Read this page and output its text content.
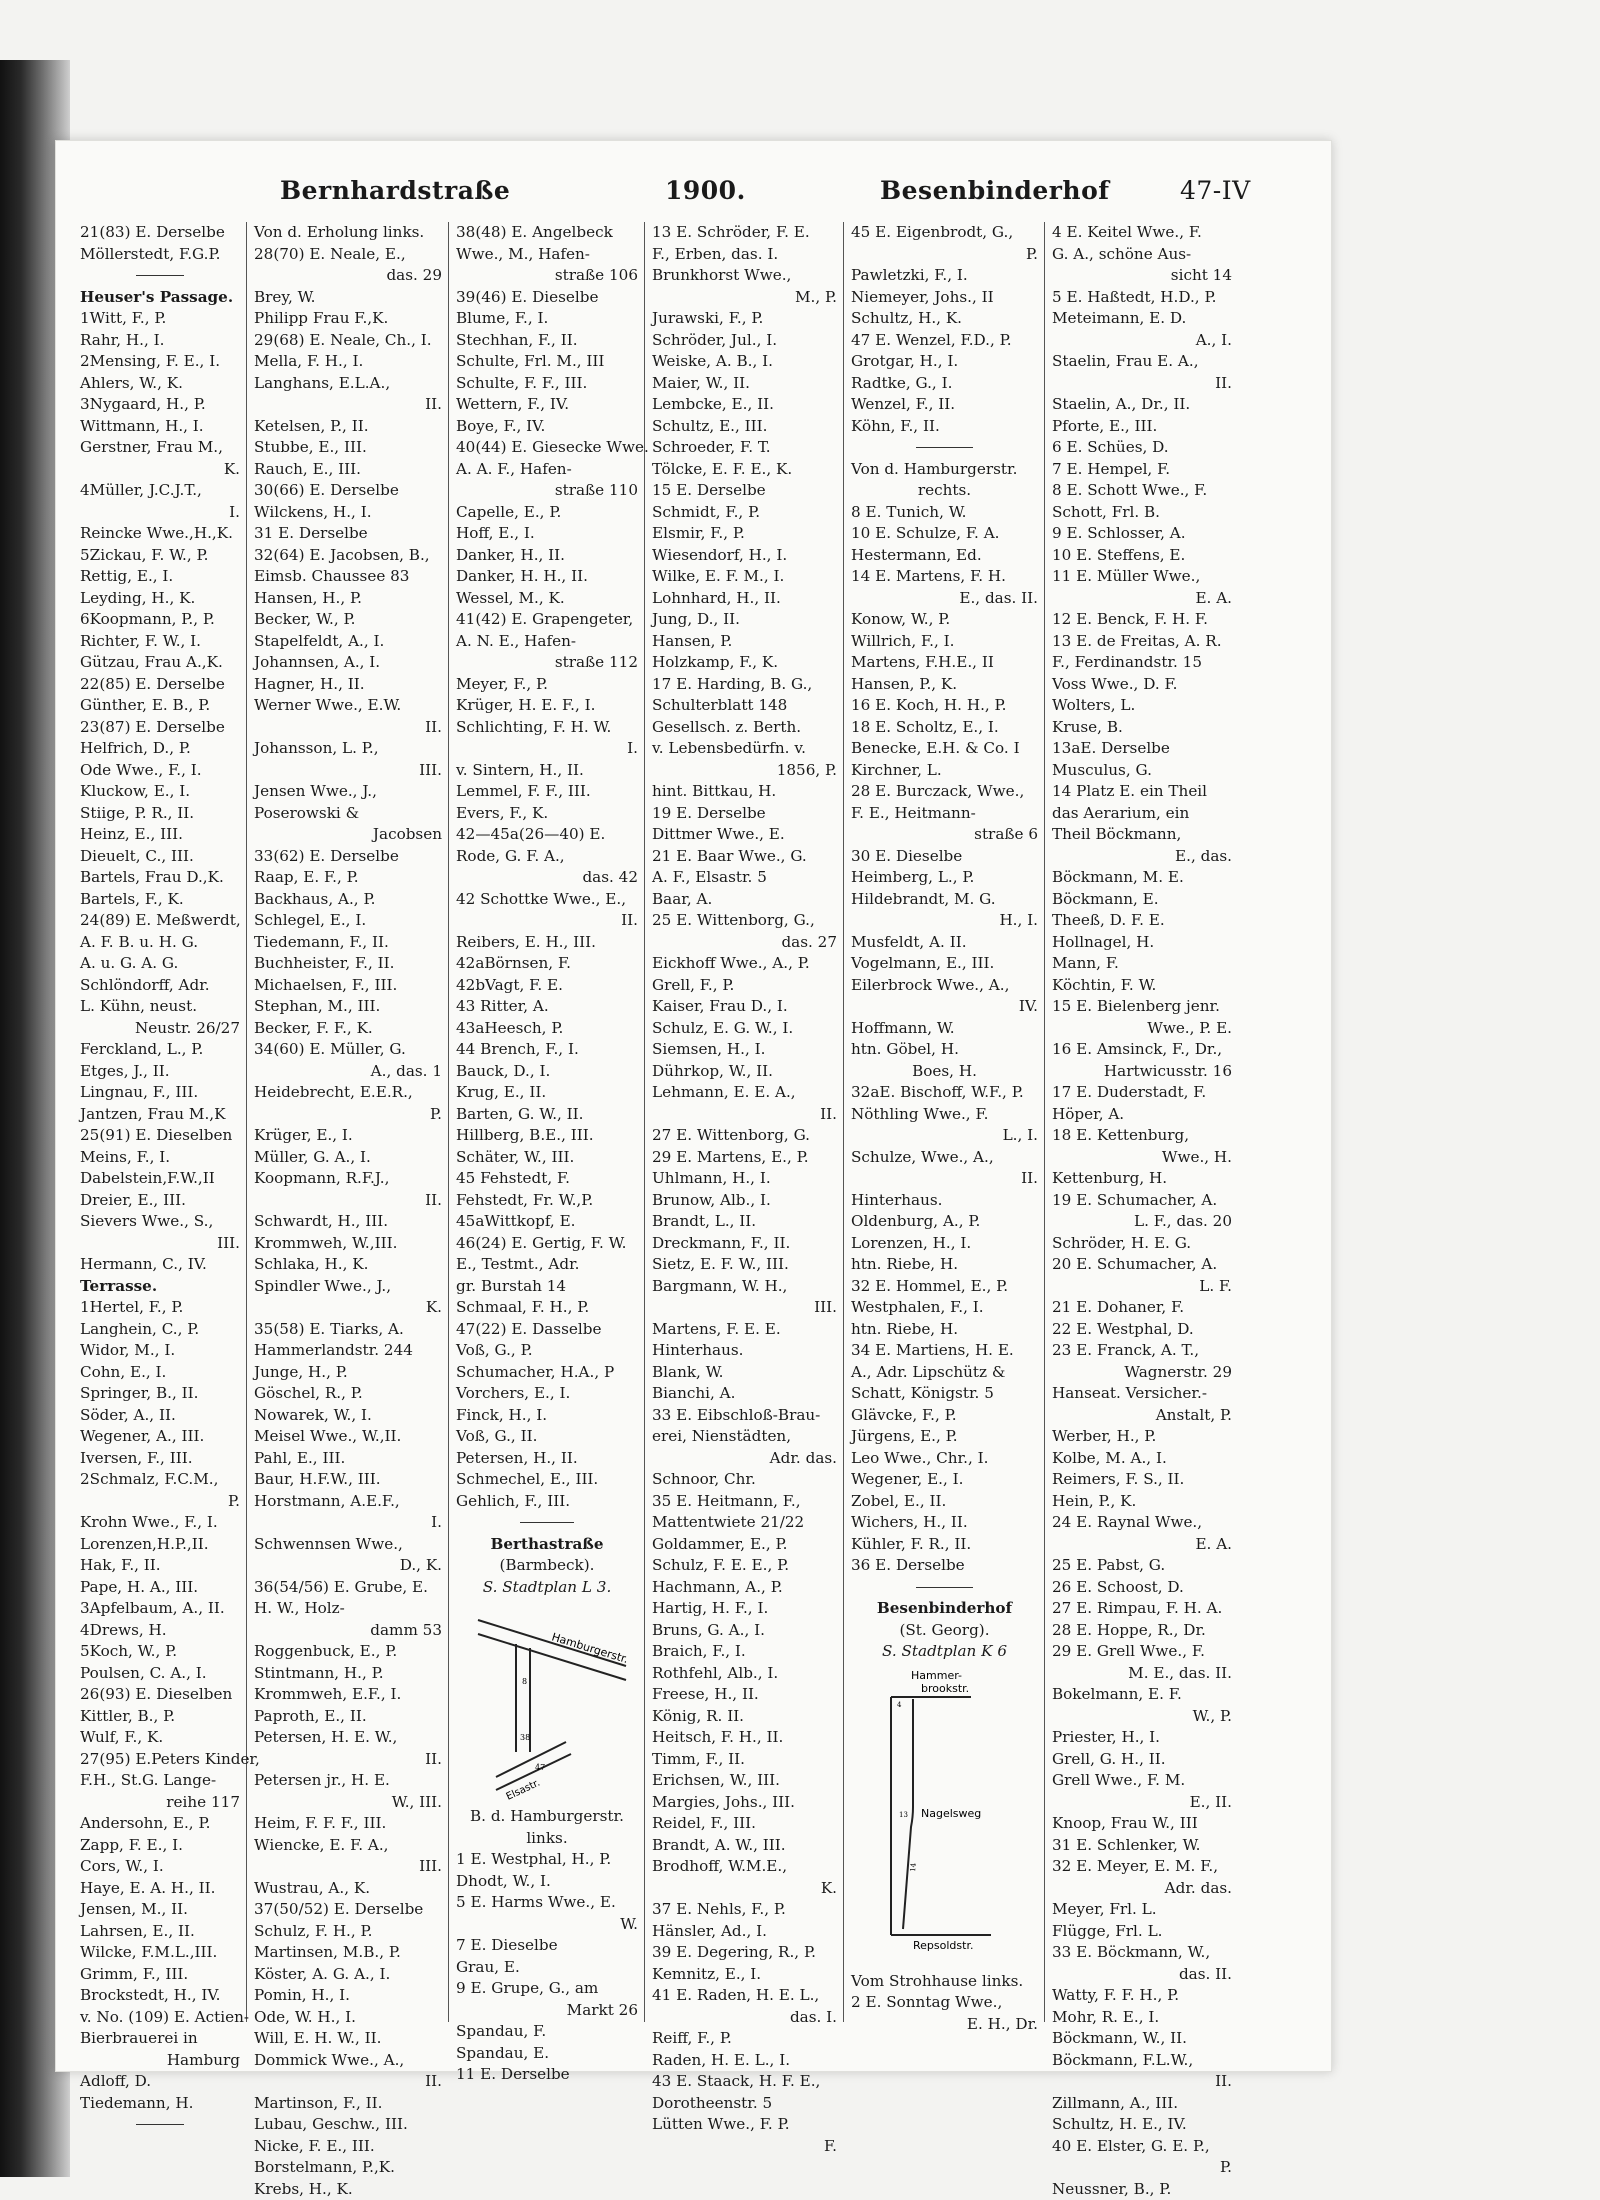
Bernhardstraße	1900.	Besenbinderhof	47-IV
21(83) E. Derselbe
Möllerstedt, F.G.P.
Heuser's Passage.
1Witt, F., P.
Rahr, H., I.
2Mensing, F. E., I.
Ahlers, W., K.
3Nygaard, H., P.
Wittmann, H., I.
Gerstner, Frau M.,
K.
4Müller, J.C.J.T.,
I.
Reincke Wwe.,H.,K.
5Zickau, F. W., P.
Rettig, E., I.
Leyding, H., K.
6Koopmann, P., P.
Richter, F. W., I.
Gützau, Frau A.,K.
22(85) E. Derselbe
Günther, E. B., P.
23(87) E. Derselbe
Helfrich, D., P.
Ode Wwe., F., I.
Kluckow, E., I.
Stiige, P. R., II.
Heinz, E., III.
Dieuelt, C., III.
Bartels, Frau D.,K.
Bartels, F., K.
24(89) E. Meßwerdt,
A. F. B. u. H. G.
A. u. G. A. G.
Schlöndorff, Adr.
L. Kühn, neust.
Neustr. 26/27
Ferckland, L., P.
Etges, J., II.
Lingnau, F., III.
Jantzen, Frau M.,K
25(91) E. Dieselben
Meins, F., I.
Dabelstein,F.W.,II
Dreier, E., III.
Sievers Wwe., S.,
III.
Hermann, C., IV.
Terrasse.
1Hertel, F., P.
Langhein, C., P.
Widor, M., I.
Cohn, E., I.
Springer, B., II.
Söder, A., II.
Wegener, A., III.
Iversen, F., III.
2Schmalz, F.C.M.,
P.
Krohn Wwe., F., I.
Lorenzen,H.P.,II.
Hak, F., II.
Pape, H. A., III.
3Apfelbaum, A., II.
4Drews, H.
5Koch, W., P.
Poulsen, C. A., I.
26(93) E. Dieselben
Kittler, B., P.
Wulf, F., K.
27(95) E.Peters Kinder,
F.H., St.G. Lange-
reihe 117
Andersohn, E., P.
Zapp, F. E., I.
Cors, W., I.
Haye, E. A. H., II.
Jensen, M., II.
Lahrsen, E., II.
Wilcke, F.M.L.,III.
Grimm, F., III.
Brockstedt, H., IV.
v. No. (109) E. Actien-
Bierbrauerei in
Hamburg
Adloff, D.
Tiedemann, H.
Von d. Erholung links.
28(70) E. Neale, E.,
das. 29
Brey, W.
Philipp Frau F.,K.
29(68) E. Neale, Ch., I.
Mella, F. H., I.
Langhans, E.L.A.,
II.
Ketelsen, P., II.
Stubbe, E., III.
Rauch, E., III.
30(66) E. Derselbe
Wilckens, H., I.
31 E. Derselbe
32(64) E. Jacobsen, B.,
Eimsb. Chaussee 83
Hansen, H., P.
Becker, W., P.
Stapelfeldt, A., I.
Johannsen, A., I.
Hagner, H., II.
Werner Wwe., E.W.
II.
Johansson, L. P.,
III.
Jensen Wwe., J.,
Poserowski &
Jacobsen
33(62) E. Derselbe
Raap, E. F., P.
Backhaus, A., P.
Schlegel, E., I.
Tiedemann, F., II.
Buchheister, F., II.
Michaelsen, F., III.
Stephan, M., III.
Becker, F. F., K.
34(60) E. Müller, G.
A., das. 1
Heidebrecht, E.E.R.,
P.
Krüger, E., I.
Müller, G. A., I.
Koopmann, R.F.J.,
II.
Schwardt, H., III.
Krommweh, W.,III.
Schlaka, H., K.
Spindler Wwe., J.,
K.
35(58) E. Tiarks, A.
Hammerlandstr. 244
Junge, H., P.
Göschel, R., P.
Nowarek, W., I.
Meisel Wwe., W.,II.
Pahl, E., III.
Baur, H.F.W., III.
Horstmann, A.E.F.,
I.
Schwennsen Wwe.,
D., K.
36(54/56) E. Grube, E.
H. W., Holz-
damm 53
Roggenbuck, E., P.
Stintmann, H., P.
Krommweh, E.F., I.
Paproth, E., II.
Petersen, H. E. W.,
II.
Petersen jr., H. E.
W., III.
Heim, F. F. F., III.
Wiencke, E. F. A.,
III.
Wustrau, A., K.
37(50/52) E. Derselbe
Schulz, F. H., P.
Martinsen, M.B., P.
Köster, A. G. A., I.
Pomin, H., I.
Ode, W. H., I.
Will, E. H. W., II.
Dommick Wwe., A.,
II.
Martinson, F., II.
Lubau, Geschw., III.
Nicke, F. E., III.
Borstelmann, P.,K.
Krebs, H., K.
38(48) E. Angelbeck
Wwe., M., Hafen-
straße 106
39(46) E. Dieselbe
Blume, F., I.
Stechhan, F., II.
Schulte, Frl. M., III
Schulte, F. F., III.
Wettern, F., IV.
Boye, F., IV.
40(44) E. Giesecke Wwe.
A. A. F., Hafen-
straße 110
Capelle, E., P.
Hoff, E., I.
Danker, H., II.
Danker, H. H., II.
Wessel, M., K.
41(42) E. Grapengeter,
A. N. E., Hafen-
straße 112
Meyer, F., P.
Krüger, H. E. F., I.
Schlichting, F. H. W.
I.
v. Sintern, H., II.
Lemmel, F. F., III.
Evers, F., K.
42—45a(26—40) E.
Rode, G. F. A.,
das. 42
42 Schottke Wwe., E.,
II.
Reibers, E. H., III.
42aBörnsen, F.
42bVagt, F. E.
43 Ritter, A.
43aHeesch, P.
44 Brench, F., I.
Bauck, D., I.
Krug, E., II.
Barten, G. W., II.
Hillberg, B.E., III.
Schäter, W., III.
45 Fehstedt, F.
Fehstedt, Fr. W.,P.
45aWittkopf, E.
46(24) E. Gertig, F. W.
E., Testmt., Adr.
gr. Burstah 14
Schmaal, F. H., P.
47(22) E. Dasselbe
Voß, G., P.
Schumacher, H.A., P
Vorchers, E., I.
Finck, H., I.
Voß, G., II.
Petersen, H., II.
Schmechel, E., III.
Gehlich, F., III.
Berthastraße
(Barmbeck).
S. Stadtplan L 3.
Hamburgerstr.
Elsastr.
8
38
47
B. d. Hamburgerstr.
links.
1 E. Westphal, H., P.
Dhodt, W., I.
5 E. Harms Wwe., E.
W.
7 E. Dieselbe
Grau, E.
9 E. Grupe, G., am
Markt 26
Spandau, F.
Spandau, E.
11 E. Derselbe
13 E. Schröder, F. E.
F., Erben, das. I.
Brunkhorst Wwe.,
M., P.
Jurawski, F., P.
Schröder, Jul., I.
Weiske, A. B., I.
Maier, W., II.
Lembcke, E., II.
Schultz, E., III.
Schroeder, F. T.
Tölcke, E. F. E., K.
15 E. Derselbe
Schmidt, F., P.
Elsmir, F., P.
Wiesendorf, H., I.
Wilke, E. F. M., I.
Lohnhard, H., II.
Jung, D., II.
Hansen, P.
Holzkamp, F., K.
17 E. Harding, B. G.,
Schulterblatt 148
Gesellsch. z. Berth.
v. Lebensbedürfn. v.
1856, P.
hint. Bittkau, H.
19 E. Derselbe
Dittmer Wwe., E.
21 E. Baar Wwe., G.
A. F., Elsastr. 5
Baar, A.
25 E. Wittenborg, G.,
das. 27
Eickhoff Wwe., A., P.
Grell, F., P.
Kaiser, Frau D., I.
Schulz, E. G. W., I.
Siemsen, H., I.
Dührkop, W., II.
Lehmann, E. E. A.,
II.
27 E. Wittenborg, G.
29 E. Martens, E., P.
Uhlmann, H., I.
Brunow, Alb., I.
Brandt, L., II.
Dreckmann, F., II.
Sietz, E. F. W., III.
Bargmann, W. H.,
III.
Martens, F. E. E.
Hinterhaus.
Blank, W.
Bianchi, A.
33 E. Eibschloß-Brau-
erei, Nienstädten,
Adr. das.
Schnoor, Chr.
35 E. Heitmann, F.,
Mattentwiete 21/22
Goldammer, E., P.
Schulz, F. E. E., P.
Hachmann, A., P.
Hartig, H. F., I.
Bruns, G. A., I.
Braich, F., I.
Rothfehl, Alb., I.
Freese, H., II.
König, R. II.
Heitsch, F. H., II.
Timm, F., II.
Erichsen, W., III.
Margies, Johs., III.
Reidel, F., III.
Brandt, A. W., III.
Brodhoff, W.M.E.,
K.
37 E. Nehls, F., P.
Hänsler, Ad., I.
39 E. Degering, R., P.
Kemnitz, E., I.
41 E. Raden, H. E. L.,
das. I.
Reiff, F., P.
Raden, H. E. L., I.
43 E. Staack, H. F. E.,
Dorotheenstr. 5
Lütten Wwe., F. P.
F.
45 E. Eigenbrodt, G.,
P.
Pawletzki, F., I.
Niemeyer, Johs., II
Schultz, H., K.
47 E. Wenzel, F.D., P.
Grotgar, H., I.
Radtke, G., I.
Wenzel, F., II.
Köhn, F., II.
Von d. Hamburgerstr.
rechts.
8 E. Tunich, W.
10 E. Schulze, F. A.
Hestermann, Ed.
14 E. Martens, F. H.
E., das. II.
Konow, W., P.
Willrich, F., I.
Martens, F.H.E., II
Hansen, P., K.
16 E. Koch, H. H., P.
18 E. Scholtz, E., I.
Benecke, E.H. & Co. I
Kirchner, L.
28 E. Burczack, Wwe.,
F. E., Heitmann-
straße 6
30 E. Dieselbe
Heimberg, L., P.
Hildebrandt, M. G.
H., I.
Musfeldt, A. II.
Vogelmann, E., III.
Eilerbrock Wwe., A.,
IV.
Hoffmann, W.
htn. Göbel, H.
Boes, H.
32aE. Bischoff, W.F., P.
Nöthling Wwe., F.
L., I.
Schulze, Wwe., A.,
II.
Hinterhaus.
Oldenburg, A., P.
Lorenzen, H., I.
htn. Riebe, H.
32 E. Hommel, E., P.
Westphalen, F., I.
htn. Riebe, H.
34 E. Martiens, H. E.
A., Adr. Lipschütz &
Schatt, Königstr. 5
Glävcke, F., P.
Jürgens, E., P.
Leo Wwe., Chr., I.
Wegener, E., I.
Zobel, E., II.
Wichers, H., II.
Kühler, F. R., II.
36 E. Derselbe
Besenbinderhof
(St. Georg).
S. Stadtplan K 6
Hammer-
brookstr.
4
13 Nagelsweg
14
Repsoldstr.
Vom Strohhause links.
2 E. Sonntag Wwe.,
E. H., Dr.
4 E. Keitel Wwe., F.
G. A., schöne Aus-
sicht 14
5 E. Haßtedt, H.D., P.
Meteimann, E. D.
A., I.
Staelin, Frau E. A.,
II.
Staelin, A., Dr., II.
Pforte, E., III.
6 E. Schües, D.
7 E. Hempel, F.
8 E. Schott Wwe., F.
Schott, Frl. B.
9 E. Schlosser, A.
10 E. Steffens, E.
11 E. Müller Wwe.,
E. A.
12 E. Benck, F. H. F.
13 E. de Freitas, A. R.
F., Ferdinandstr. 15
Voss Wwe., D. F.
Wolters, L.
Kruse, B.
13aE. Derselbe
Musculus, G.
14 Platz E. ein Theil
das Aerarium, ein
Theil Böckmann,
E., das.
Böckmann, M. E.
Böckmann, E.
Theeß, D. F. E.
Hollnagel, H.
Mann, F.
Köchtin, F. W.
15 E. Bielenberg jenr.
Wwe., P. E.
16 E. Amsinck, F., Dr.,
Hartwicusstr. 16
17 E. Duderstadt, F.
Höper, A.
18 E. Kettenburg,
Wwe., H.
Kettenburg, H.
19 E. Schumacher, A.
L. F., das. 20
Schröder, H. E. G.
20 E. Schumacher, A.
L. F.
21 E. Dohaner, F.
22 E. Westphal, D.
23 E. Franck, A. T.,
Wagnerstr. 29
Hanseat. Versicher.-
Anstalt, P.
Werber, H., P.
Kolbe, M. A., I.
Reimers, F. S., II.
Hein, P., K.
24 E. Raynal Wwe.,
E. A.
25 E. Pabst, G.
26 E. Schoost, D.
27 E. Rimpau, F. H. A.
28 E. Hoppe, R., Dr.
29 E. Grell Wwe., F.
M. E., das. II.
Bokelmann, E. F.
W., P.
Priester, H., I.
Grell, G. H., II.
Grell Wwe., F. M.
E., II.
Knoop, Frau W., III
31 E. Schlenker, W.
32 E. Meyer, E. M. F.,
Adr. das.
Meyer, Frl. L.
Flügge, Frl. L.
33 E. Böckmann, W.,
das. II.
Watty, F. F. H., P.
Mohr, R. E., I.
Böckmann, W., II.
Böckmann, F.L.W.,
II.
Zillmann, A., III.
Schultz, H. E., IV.
40 E. Elster, G. E. P.,
P.
Neussner, B., P.
